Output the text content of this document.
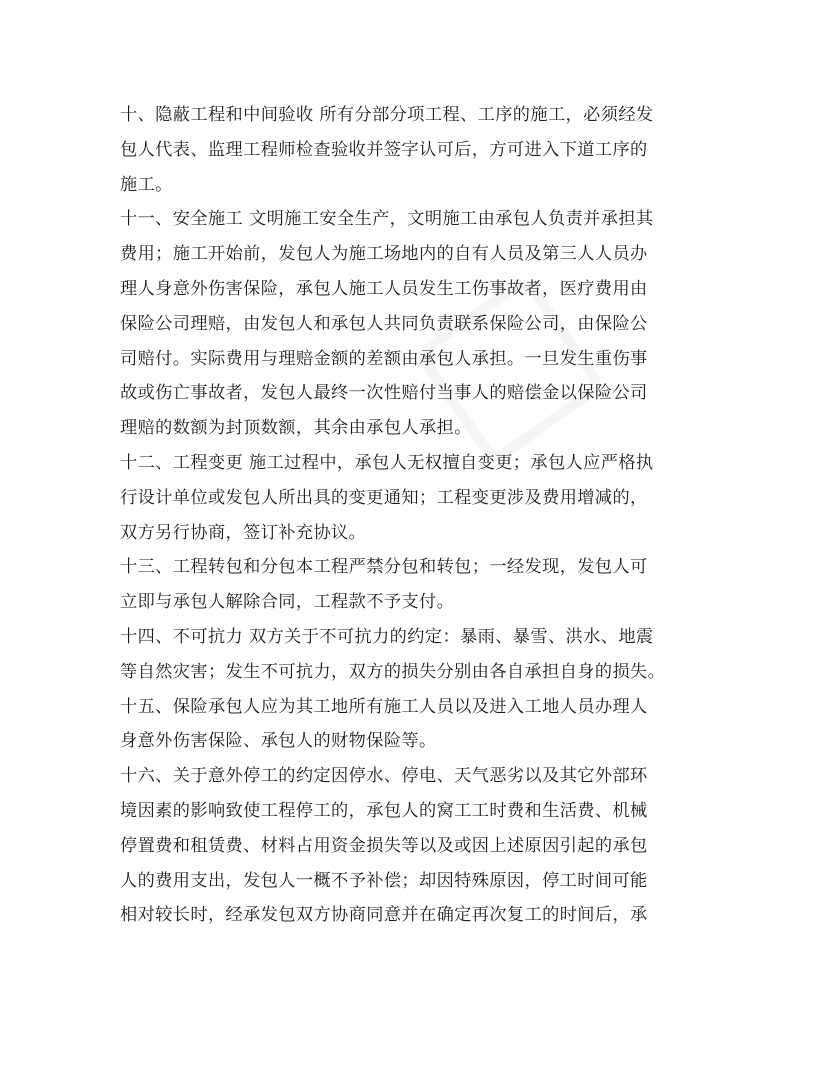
十、隐蔽工程和中间验收 所有分部分项工程、工序的施工，必须经发
包人代表、监理工程师检查验收并签字认可后，方可进入下道工序的
施工。
十一、安全施工 文明施工安全生产，文明施工由承包人负责并承担其
费用；施工开始前，发包人为施工场地内的自有人员及第三人人员办
理人身意外伤害保险，承包人施工人员发生工伤事故者，医疗费用由
保险公司理赔，由发包人和承包人共同负责联系保险公司，由保险公
司赔付。实际费用与理赔金额的差额由承包人承担。一旦发生重伤事
故或伤亡事故者，发包人最终一次性赔付当事人的赔偿金以保险公司
理赔的数额为封顶数额，其余由承包人承担。
十二、工程变更 施工过程中，承包人无权擅自变更；承包人应严格执
行设计单位或发包人所出具的变更通知；工程变更涉及费用增减的，
双方另行协商，签订补充协议。
十三、工程转包和分包本工程严禁分包和转包；一经发现，发包人可
立即与承包人解除合同，工程款不予支付。
十四、不可抗力 双方关于不可抗力的约定：暴雨、暴雪、洪水、地震
等自然灾害；发生不可抗力，双方的损失分别由各自承担自身的损失。
十五、保险承包人应为其工地所有施工人员以及进入工地人员办理人
身意外伤害保险、承包人的财物保险等。
十六、关于意外停工的约定因停水、停电、天气恶劣以及其它外部环
境因素的影响致使工程停工的，承包人的窝工工时费和生活费、机械
停置费和租赁费、材料占用资金损失等以及或因上述原因引起的承包
人的费用支出，发包人一概不予补偿；却因特殊原因，停工时间可能
相对较长时，经承发包双方协商同意并在确定再次复工的时间后，承
